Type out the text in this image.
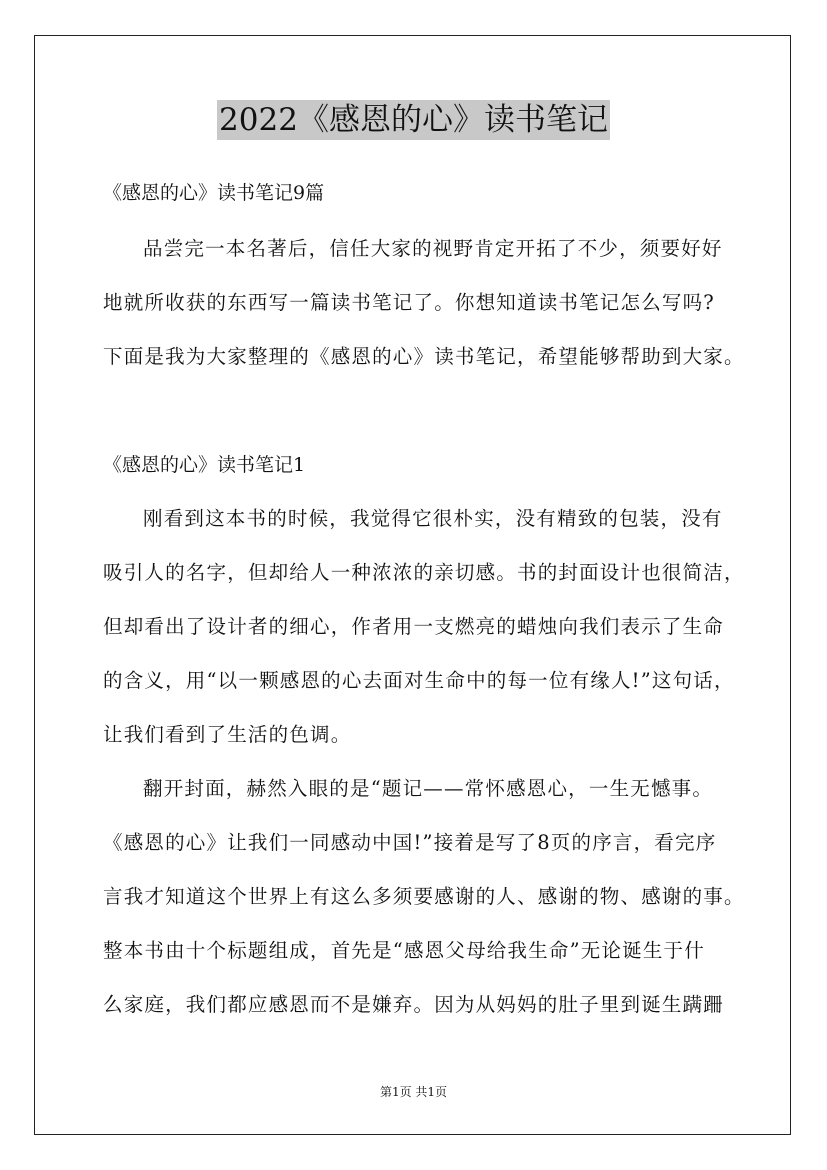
2022《感恩的心》读书笔记
《感恩的心》读书笔记9篇
品尝完一本名著后，信任大家的视野肯定开拓了不少，须要好好
地就所收获的东西写一篇读书笔记了。你想知道读书笔记怎么写吗?
下面是我为大家整理的《感恩的心》读书笔记，希望能够帮助到大家。
《感恩的心》读书笔记1
刚看到这本书的时候，我觉得它很朴实，没有精致的包装，没有
吸引人的名字，但却给人一种浓浓的亲切感。书的封面设计也很简洁，
但却看出了设计者的细心，作者用一支燃亮的蜡烛向我们表示了生命
的含义，用“以一颗感恩的心去面对生命中的每一位有缘人!”这句话，
让我们看到了生活的色调。
翻开封面，赫然入眼的是“题记——常怀感恩心，一生无憾事。
《感恩的心》让我们一同感动中国!”接着是写了8页的序言，看完序
言我才知道这个世界上有这么多须要感谢的人、感谢的物、感谢的事。
整本书由十个标题组成，首先是“感恩父母给我生命”无论诞生于什
么家庭，我们都应感恩而不是嫌弃。因为从妈妈的肚子里到诞生蹒跚
第1页 共1页
